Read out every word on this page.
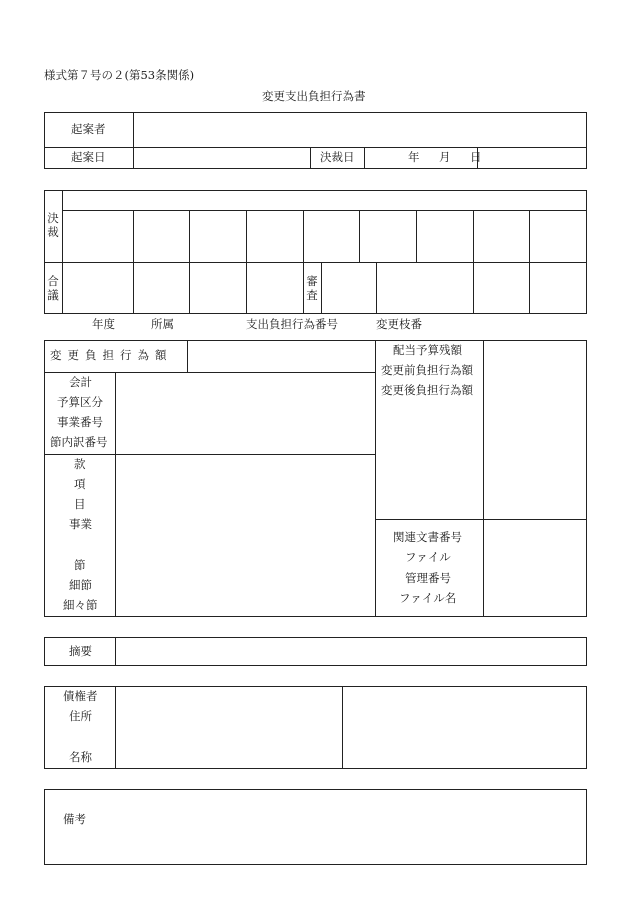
様式第７号の２(第53条関係)
変更支出負担行為書
起案者
起案日	決裁日	年　月　日
決
裁
合
議
審
査
年度	所属	支出負担行為番号	変更枝番
変更負担行為額
会計
予算区分
事業番号
節内訳番号
款
項
目
事業
節
細節
細々節
配当予算残額
変更前負担行為額
変更後負担行為額
関連文書番号
ファイル
管理番号
ファイル名
摘要
債権者
住所
名称
備考
